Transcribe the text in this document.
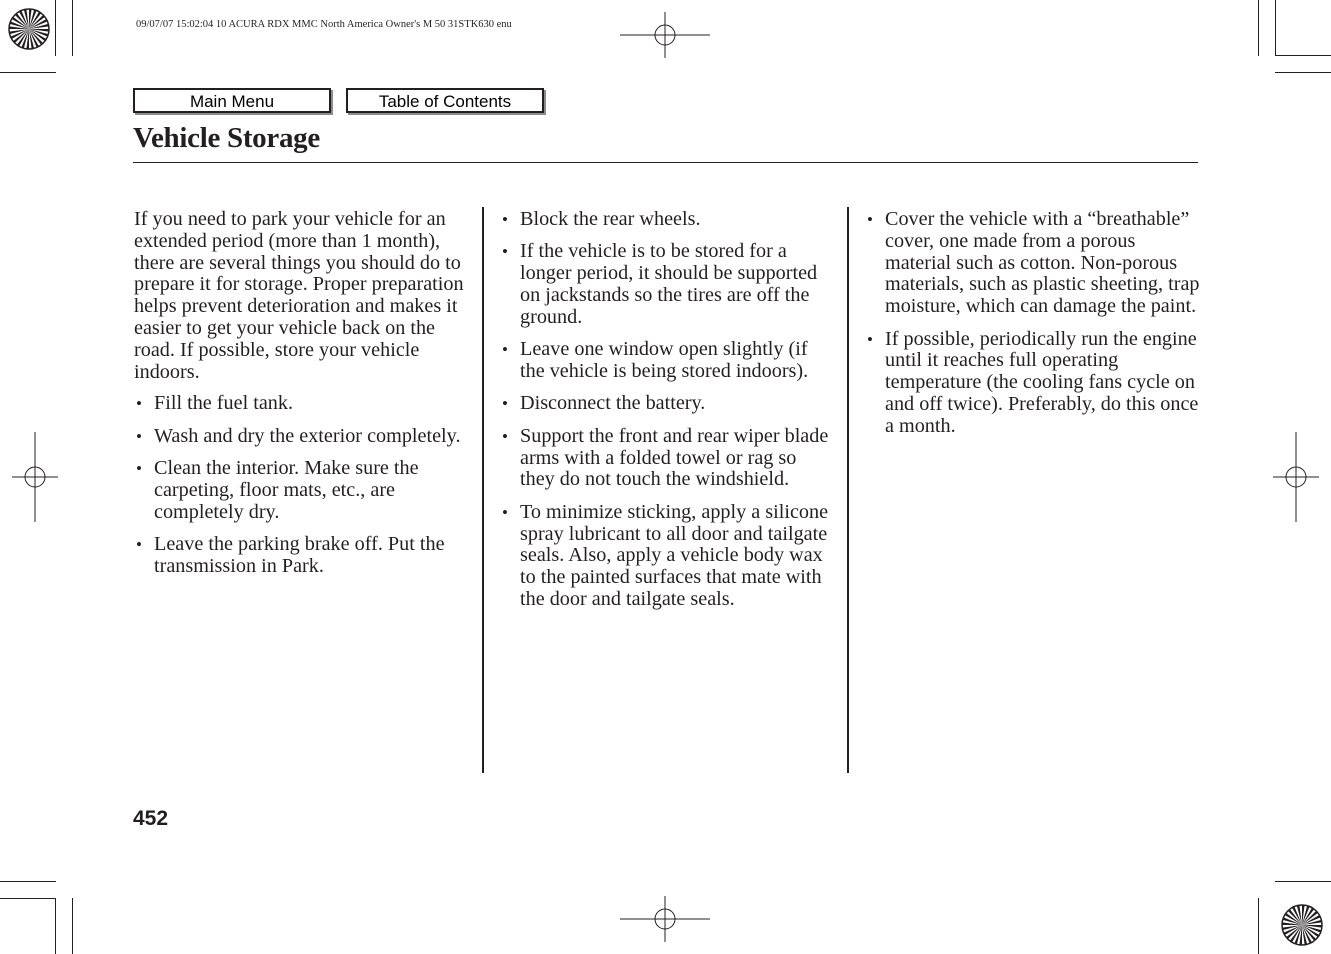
09/07/07 15:02:04 10 ACURA RDX MMC North America Owner's M 50 31STK630 enu
Main Menu	Table of Contents
Vehicle Storage

If you need to park your vehicle for an extended period (more than 1 month), there are several things you should do to prepare it for storage. Proper preparation helps prevent deterioration and makes it easier to get your vehicle back on the road. If possible, store your vehicle indoors.

• Fill the fuel tank.
• Wash and dry the exterior completely.
• Clean the interior. Make sure the carpeting, floor mats, etc., are completely dry.
• Leave the parking brake off. Put the transmission in Park.
• Block the rear wheels.
• If the vehicle is to be stored for a longer period, it should be supported on jackstands so the tires are off the ground.
• Leave one window open slightly (if the vehicle is being stored indoors).
• Disconnect the battery.
• Support the front and rear wiper blade arms with a folded towel or rag so they do not touch the windshield.
• To minimize sticking, apply a silicone spray lubricant to all door and tailgate seals. Also, apply a vehicle body wax to the painted surfaces that mate with the door and tailgate seals.
• Cover the vehicle with a “breathable” cover, one made from a porous material such as cotton. Non-porous materials, such as plastic sheeting, trap moisture, which can damage the paint.
• If possible, periodically run the engine until it reaches full operating temperature (the cooling fans cycle on and off twice). Preferably, do this once a month.
452
